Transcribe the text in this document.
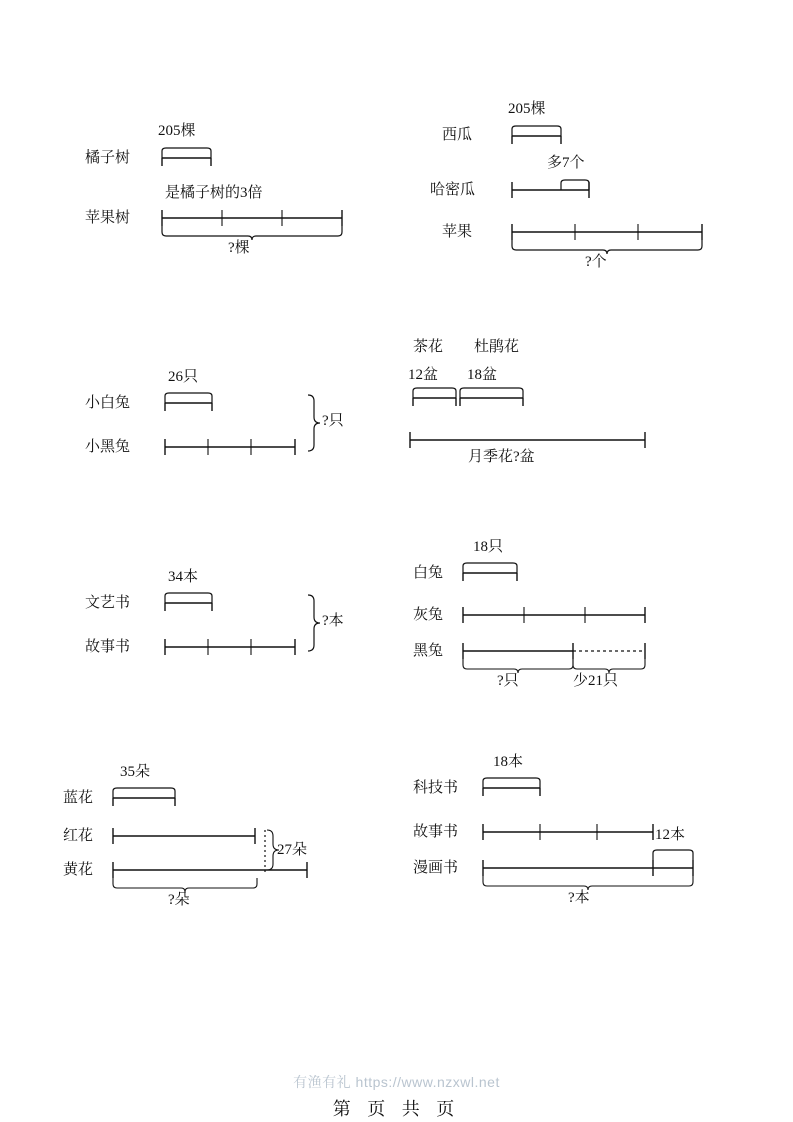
205棵
橘子树
是橘子树的3倍
苹果树
?棵
205棵
西瓜
多7个
哈密瓜
苹果
?个
26只
小白兔
小黑兔
?只
茶花 杜鹃花
12盆 18盆
月季花?盆
34本
文艺书
故事书
?本
18只
白兔
灰兔
黑兔
?只	少21只
35朵
蓝花
红花
黄花
?朵
27朵
18本
科技书
故事书
漫画书
12本
?本
有渔有礼 https://www.nzxwl.net
第 页 共 页
